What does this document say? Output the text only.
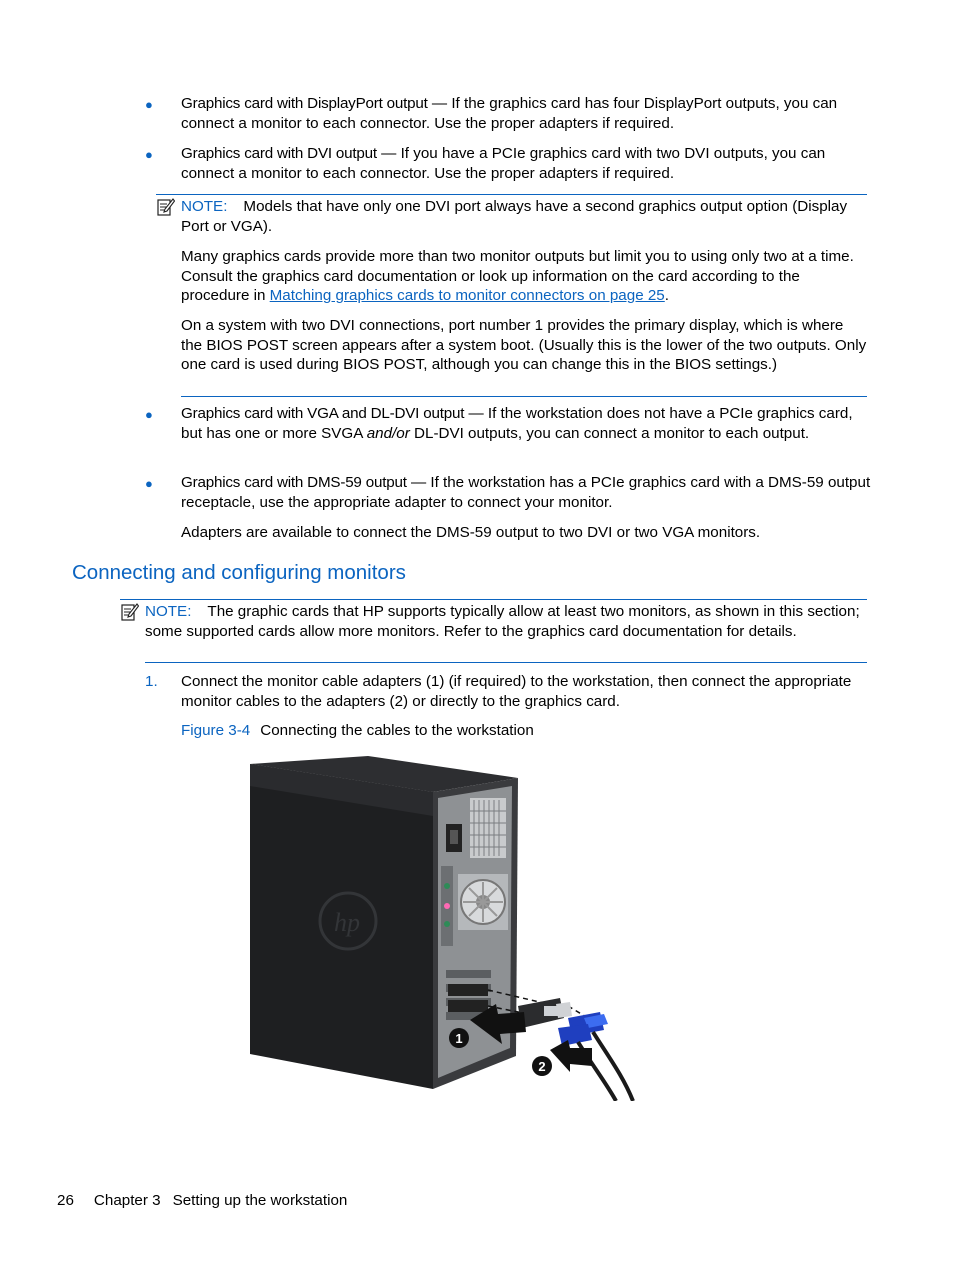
● Graphics card with DisplayPort output — If the graphics card has four DisplayPort outputs, you can connect a monitor to each connector. Use the proper adapters if required.
● Graphics card with DVI output — If you have a PCIe graphics card with two DVI outputs, you can connect a monitor to each connector. Use the proper adapters if required.
NOTE: Models that have only one DVI port always have a second graphics output option (Display Port or VGA).
Many graphics cards provide more than two monitor outputs but limit you to using only two at a time. Consult the graphics card documentation or look up information on the card according to the procedure in Matching graphics cards to monitor connectors on page 25.
On a system with two DVI connections, port number 1 provides the primary display, which is where the BIOS POST screen appears after a system boot. (Usually this is the lower of the two outputs. Only one card is used during BIOS POST, although you can change this in the BIOS settings.)
● Graphics card with VGA and DL-DVI output — If the workstation does not have a PCIe graphics card, but has one or more SVGA and/or DL-DVI outputs, you can connect a monitor to each output.
● Graphics card with DMS-59 output — If the workstation has a PCIe graphics card with a DMS-59 output receptacle, use the appropriate adapter to connect your monitor.
Adapters are available to connect the DMS-59 output to two DVI or two VGA monitors.
Connecting and configuring monitors
NOTE: The graphic cards that HP supports typically allow at least two monitors, as shown in this section; some supported cards allow more monitors. Refer to the graphics card documentation for details.
1. Connect the monitor cable adapters (1) (if required) to the workstation, then connect the appropriate monitor cables to the adapters (2) or directly to the graphics card.
Figure 3-4 Connecting the cables to the workstation
hp
1
2
26 Chapter 3 Setting up the workstation
